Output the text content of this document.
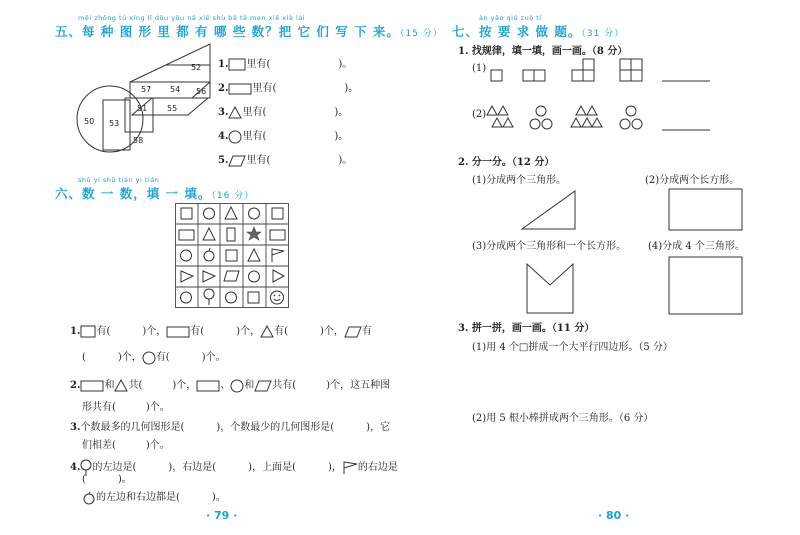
měi zhǒng tú xíng lǐ dōu yǒu nǎ xiē shù bǎ tā men xiě xià lái
五、每 种 图 形 里 都 有 哪 些 数？把 它 们 写 下 来。（15 分）
52
57 54 56
51 55
50 53
58
1. 里有(	)。
2. 里有(	)。
3. 里有(	)。
4. 里有(	)。
5. 里有(	)。
shǔ yi shǔ tián yi tián
六、数 一 数，填 一 填。（16 分）
1. 有(	)个， 有(	)个， 有(	)个， 有
(	)个， 有(	)个。
2. 和 共(	)个， 、 和 共有(	)个，这五种图
形共有(	)个。
3.个数最多的几何图形是(	)，个数最少的几何图形是(	)，它
们相差(	)个。
4. 的左边是(	)，右边是(	)，上面是(	)， 的右边是
(	)。
的左边和右边都是(	)。
· 79 ·
àn yāo qiú zuò tí
七、按 要 求 做 题。（31 分）
1. 找规律，填一填，画一画。（8 分）
(1)
(2)
2. 分一分。（12 分）
(1)分成两个三角形。	(2)分成两个长方形。
(3)分成两个三角形和一个长方形。 (4)分成 4 个三角形。
3. 拼一拼，画一画。（11 分）
(1)用 4 个□拼成一个大平行四边形。（5 分）
(2)用 5 根小棒拼成两个三角形。（6 分）
· 80 ·
